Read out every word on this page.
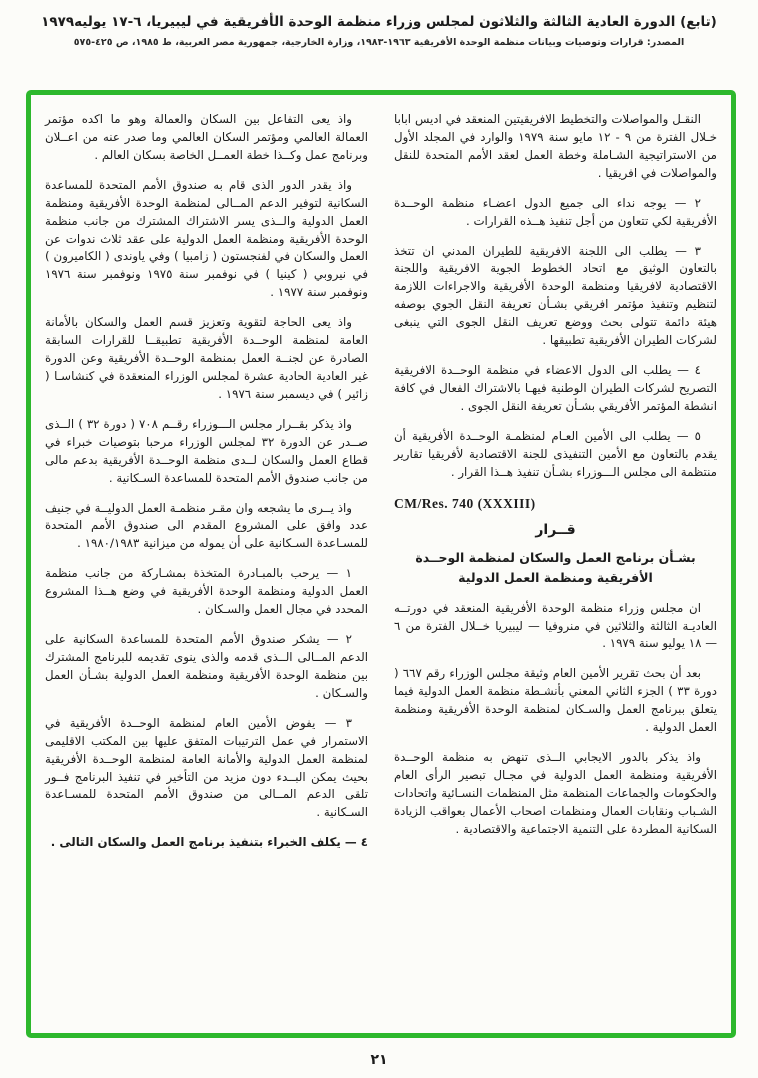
(تابع) الدورة العادية الثالثة والثلاثون لمجلس وزراء منظمة الوحدة الأفريقية في ليبيريا، ٦-١٧ يوليه١٩٧٩
المصدر: قرارات وتوصيات وبيانات منظمة الوحدة الأفريقية ١٩٦٣-١٩٨٣، وزارة الخارجية، جمهورية مصر العربية، ط ١٩٨٥، ص ٤٢٥-٥٧٥

النقـل والمواصلات والتخطيط الافريقيتين المنعقد في اديس ابابا خـلال الفترة من ٩ - ١٢ مايو سنة ١٩٧٩ والوارد في المجلد الأول من الاستراتيجية الشـاملة وخطة العمل لعقد الأمم المتحدة للنقل والمواصلات في افريقيا .

٢ — يوجه نداء الى جميع الدول اعضـاء منظمة الوحــدة الأفريقية لكي تتعاون من أجل تنفيذ هــذه القرارات .

٣ — يطلب الى اللجنة الافريقية للطيران المدني ان تتخذ بالتعاون الوثيق مع اتحاد الخطوط الجوية الافريقية واللجنة الاقتصادية لافريقيا ومنظمة الوحدة الأفريقية والاجراءات اللازمة لتنظيم وتنفيذ مؤتمر افريقي بشـأن تعريفة النقل الجوي بوصفه هيئة دائمة تتولى بحث ووضع تعريف النقل الجوى التي ينبغى لشركات الطيران الأفريقية تطبيقها .

٤ — يطلب الى الدول الاعضاء في منظمة الوحــدة الافريقية التصريح لشركات الطيران الوطنية فيهـا بالاشتراك الفعال في كافة انشطة المؤتمر الأفريقي بشـأن تعريفة النقل الجوى .

٥ — يطلب الى الأمين العـام لمنظمـة الوحــدة الأفريقية أن يقدم بالتعاون مع الأمين التنفيذى للجنة الاقتصادية لأفريقيا تقارير منتظمة الى مجلس الـــوزراء بشـأن تنفيذ هــذا القرار .

CM/Res. 740 (XXXIII)
قــرار
بشـأن برنامج العمل والسكان لمنظمة الوحــدة الأفريقية ومنظمة العمل الدولية

ان مجلس وزراء منظمة الوحدة الأفريقية المنعقد في دورتــه العاديـة الثالثة والثلاثين في منروفيا — ليبيريا خــلال الفترة من ٦ — ١٨ يوليو سنة ١٩٧٩ .

بعد أن بحث تقرير الأمين العام وثيقة مجلس الوزراء رقم ٦٦٧ ( دورة ٣٣ ) الجزء الثاني المعني بأنشـطة منظمة العمل الدولية فيما يتعلق ببرنامج العمل والسـكان لمنظمة الوحدة الأفريقية ومنظمة العمل الدولية .

واذ يذكر بالدور الايجابي الــذى تنهض به منظمة الوحــدة الأفريقية ومنظمة العمل الدولية في مجـال تبصير الرأى العام والحكومات والجماعات المنظمة مثل المنظمات النسـائية واتحادات الشـباب ونقابات العمال ومنظمات اصحاب الأعمال بعواقب الزيادة السكانية المطردة على التنمية الاجتماعية والاقتصادية .

واذ يعى التفاعل بين السكان والعمالة وهو ما اكده مؤتمر العمالة العالمي ومؤتمر السكان العالمي وما صدر عنه من اعــلان وبرنامج عمل وكــذا خطة العمــل الخاصة بسكان العالم .

واذ يقدر الدور الذى قام به صندوق الأمم المتحدة للمساعدة السكانية لتوفير الدعم المــالى لمنظمة الوحدة الأفريقية ومنظمة العمل الدولية والــذى يسر الاشتراك المشترك من جانب منظمة الوحدة الأفريقية ومنظمة العمل الدولية على عقد ثلاث ندوات عن العمل والسكان في لفنجستون ( زامبيا ) وفي ياوندى ( الكاميرون ) في نيروبي ( كينيا ) في نوفمبر سنة ١٩٧٥ ونوفمبر سنة ١٩٧٦ ونوفمبر سنة ١٩٧٧ .

واذ يعى الحاجة لتقوية وتعزيز قسم العمل والسكان بالأمانة العامة لمنظمة الوحــدة الأفريقية تطبيقــا للقرارات السابقة الصادرة عن لجنــة العمل بمنظمة الوحــدة الأفريقية وعن الدورة غير العادية الحادية عشرة لمجلس الوزراء المنعقدة في كنشاسـا ( زائير ) في ديسمبر سنة ١٩٧٦ .

واذ يذكر بقــرار مجلس الـــوزراء رقــم ٧٠٨ ( دورة ٣٢ ) الــذى صــدر عن الدورة ٣٢ لمجلس الوزراء مرحبا بتوصيات خبراء في قطاع العمل والسكان لــدى منظمة الوحــدة الأفريقية بدعم مالى من جانب صندوق الأمم المتحدة للمساعدة السـكانية .

واذ يــرى ما يشجعه وان مقـر منظمـة العمل الدوليــة في جنيف عدد وافق على المشروع المقدم الى صندوق الأمم المتحدة للمسـاعدة السـكانية على أن يموله من ميزانية ١٩٨٠/١٩٨٣ .

١ — يرحب بالمبـادرة المتخذة بمشـاركة من جانب منظمة العمل الدولية ومنظمة الوحدة الأفريقية في وضع هــذا المشروع المحدد في مجال العمل والسـكان .

٢ — يشكر صندوق الأمم المتحدة للمساعدة السكانية على الدعم المــالى الــذى قدمه والذى ينوى تقديمه للبرنامج المشترك بين منظمة الوحدة الأفريقية ومنظمة العمل الدولية بشـأن العمل والسـكان .

٣ — يفوض الأمين العام لمنظمة الوحــدة الأفريقية في الاستمرار في عمل الترتيبات المتفق عليها بين المكتب الاقليمى لمنظمة العمل الدولية والأمانة العامة لمنظمة الوحــدة الأفريقية بحيث يمكن البــدء دون مزيد من التأخير في تنفيذ البرنامج فــور تلقى الدعم المــالى من صندوق الأمم المتحدة للمسـاعدة السـكانية .

٤ — يكلف الخبراء بتنفيذ برنامج العمل والسكان التالى .

٢١
